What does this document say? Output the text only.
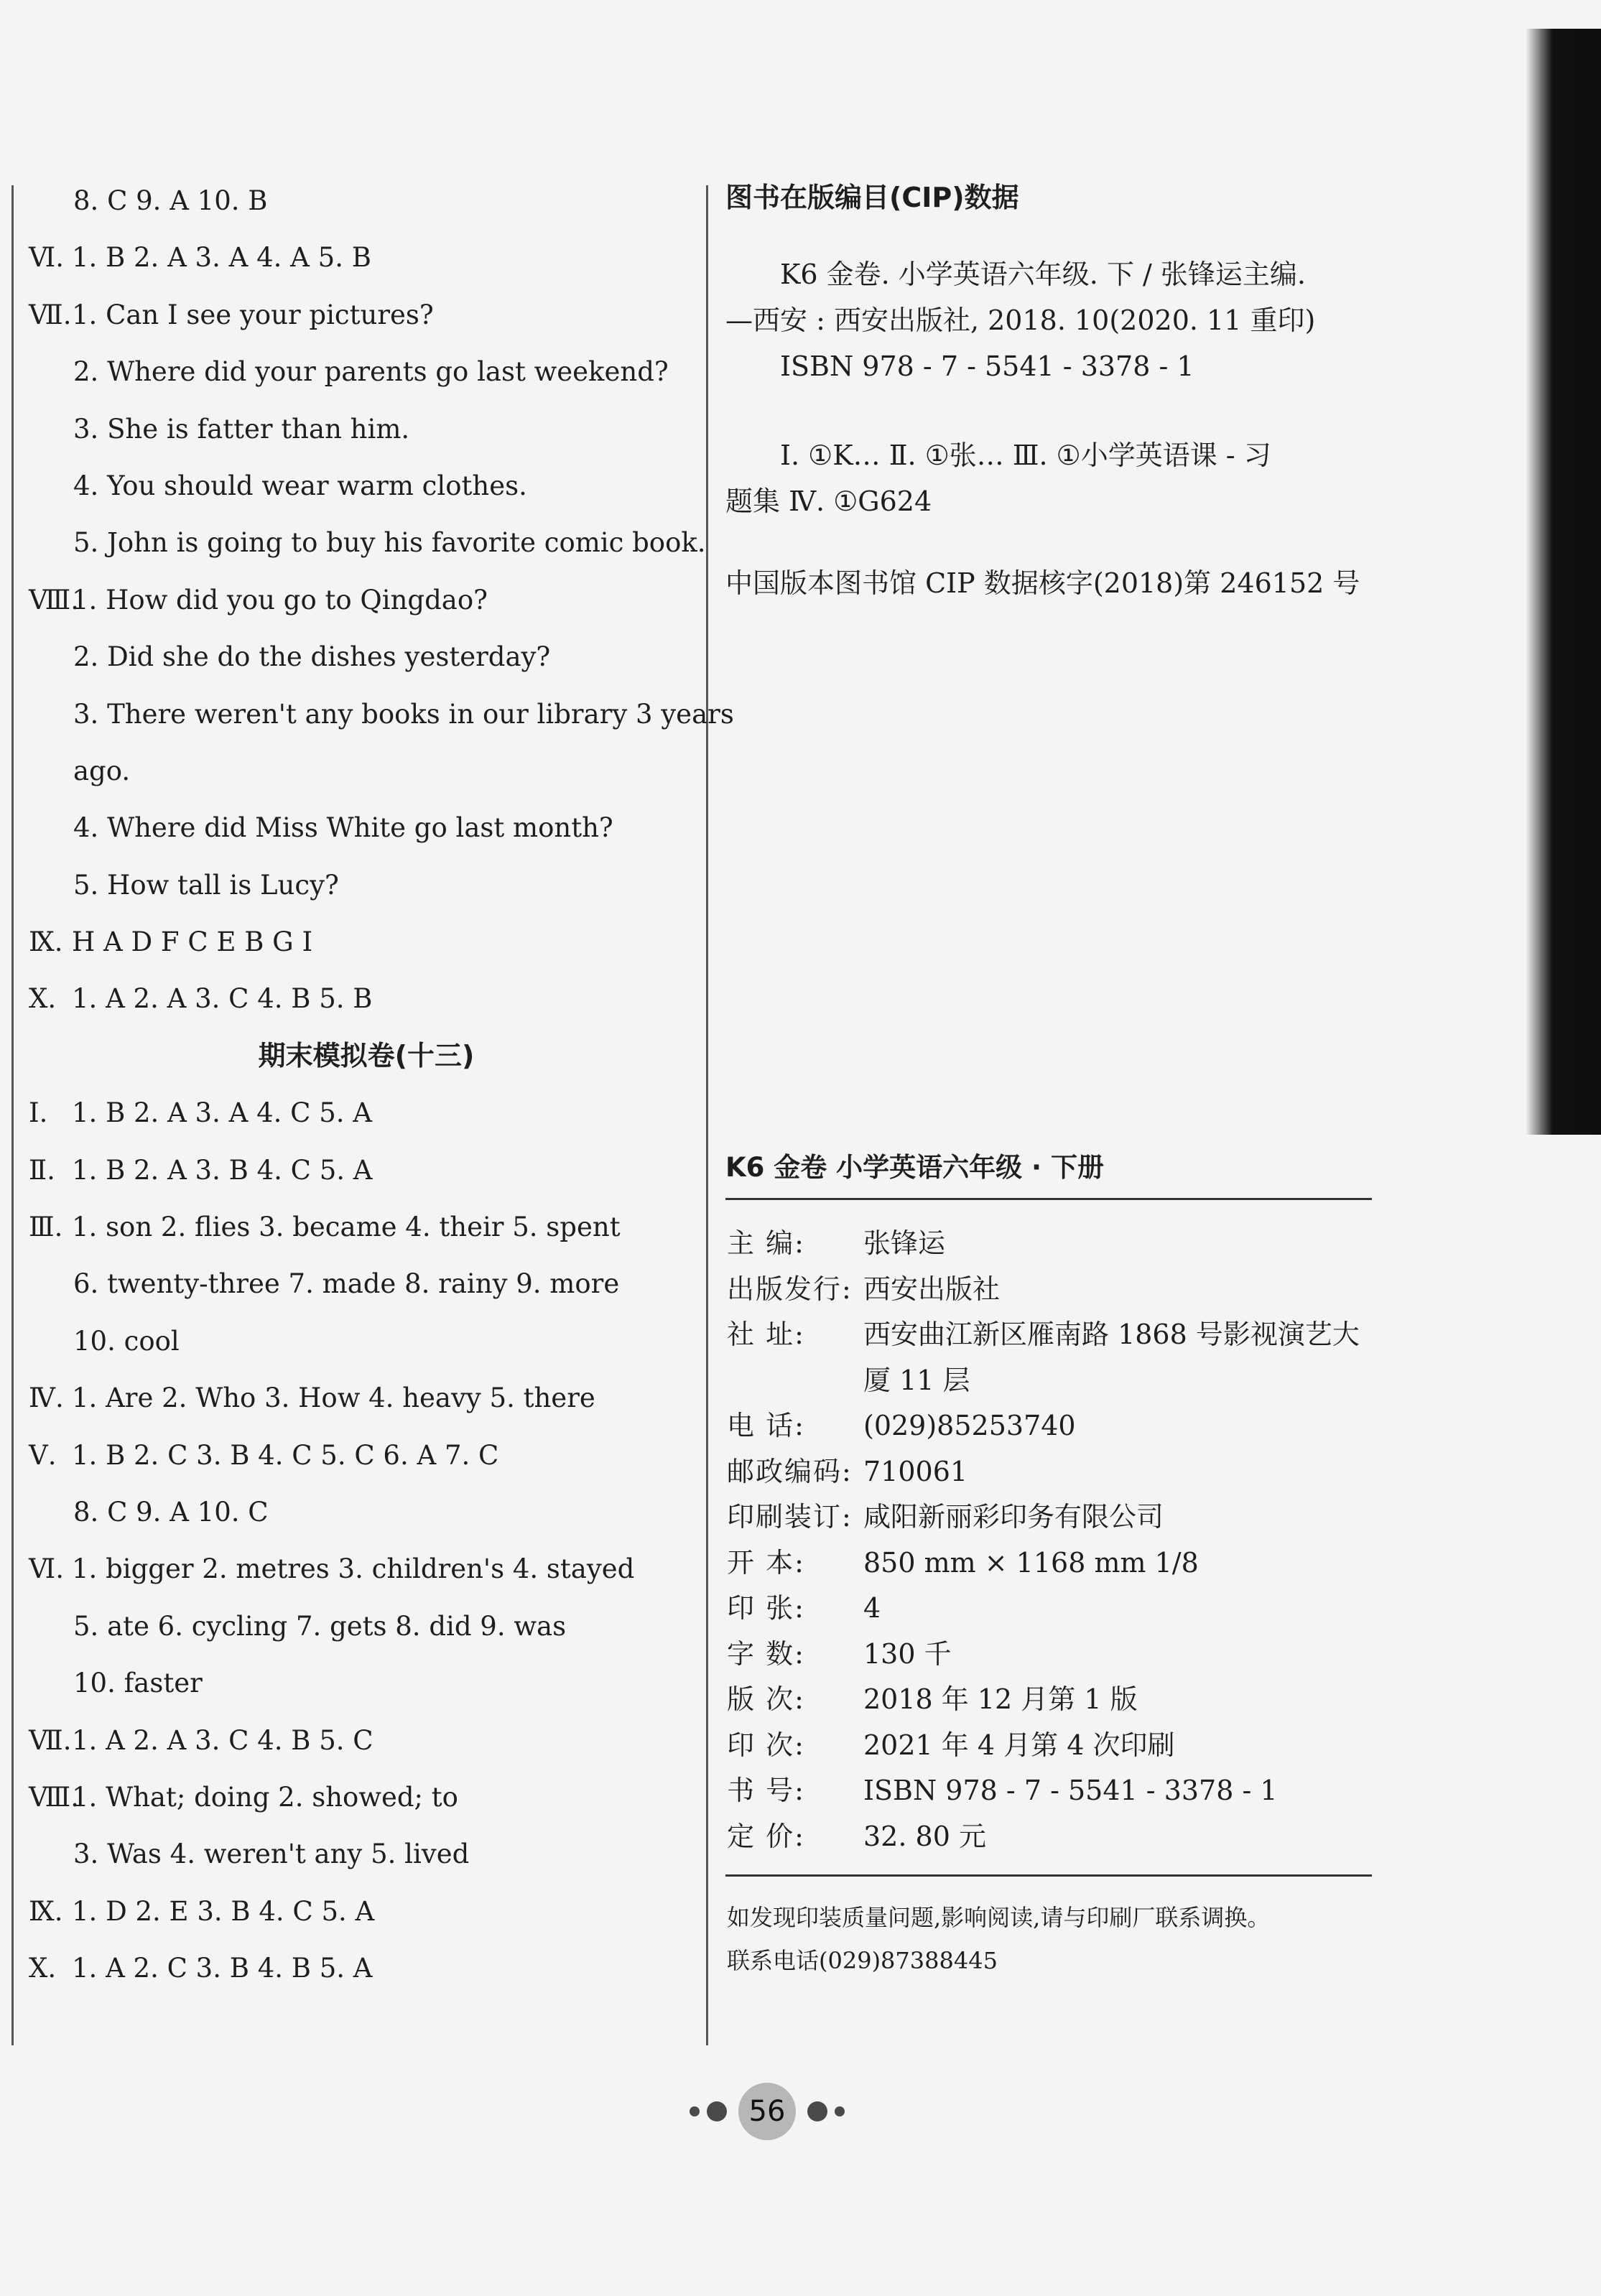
8. C 9. A 10. B
Ⅵ. 1. B 2. A 3. A 4. A 5. B
Ⅶ.1. Can I see your pictures?
2. Where did your parents go last weekend?
3. She is fatter than him.
4. You should wear warm clothes.
5. John is going to buy his favorite comic book.
Ⅷ.1. How did you go to Qingdao?
2. Did she do the dishes yesterday?
3. There weren't any books in our library 3 years
ago.
4. Where did Miss White go last month?
5. How tall is Lucy?
Ⅸ. H A D F C E B G I
Ⅹ. 1. A 2. A 3. C 4. B 5. B
期末模拟卷(十三)
Ⅰ. 1. B 2. A 3. A 4. C 5. A
Ⅱ. 1. B 2. A 3. B 4. C 5. A
Ⅲ. 1. son 2. flies 3. became 4. their 5. spent
6. twenty-three 7. made 8. rainy 9. more
10. cool
Ⅳ. 1. Are 2. Who 3. How 4. heavy 5. there
Ⅴ. 1. B 2. C 3. B 4. C 5. C 6. A 7. C
8. C 9. A 10. C
Ⅵ. 1. bigger 2. metres 3. children's 4. stayed
5. ate 6. cycling 7. gets 8. did 9. was
10. faster
Ⅶ.1. A 2. A 3. C 4. B 5. C
Ⅷ.1. What; doing 2. showed; to
3. Was 4. weren't any 5. lived
Ⅸ. 1. D 2. E 3. B 4. C 5. A
Ⅹ. 1. A 2. C 3. B 4. B 5. A
图书在版编目(CIP)数据
K6 金卷. 小学英语六年级. 下 / 张锋运主编.
—西安 : 西安出版社, 2018. 10(2020. 11 重印)
ISBN 978 - 7 - 5541 - 3378 - 1
Ⅰ. ①K… Ⅱ. ①张… Ⅲ. ①小学英语课 - 习
题集 Ⅳ. ①G624
中国版本图书馆 CIP 数据核字(2018)第 246152 号
K6 金卷 小学英语六年级 · 下册
主 编: 张锋运
出版发行: 西安出版社
社 址: 西安曲江新区雁南路 1868 号影视演艺大
厦 11 层
电 话: (029)85253740
邮政编码: 710061
印刷装订: 咸阳新丽彩印务有限公司
开 本: 850 mm × 1168 mm 1/8
印 张: 4
字 数: 130 千
版 次: 2018 年 12 月第 1 版
印 次: 2021 年 4 月第 4 次印刷
书 号: ISBN 978 - 7 - 5541 - 3378 - 1
定 价: 32. 80 元
如发现印装质量问题,影响阅读,请与印刷厂联系调换。
联系电话(029)87388445
56
